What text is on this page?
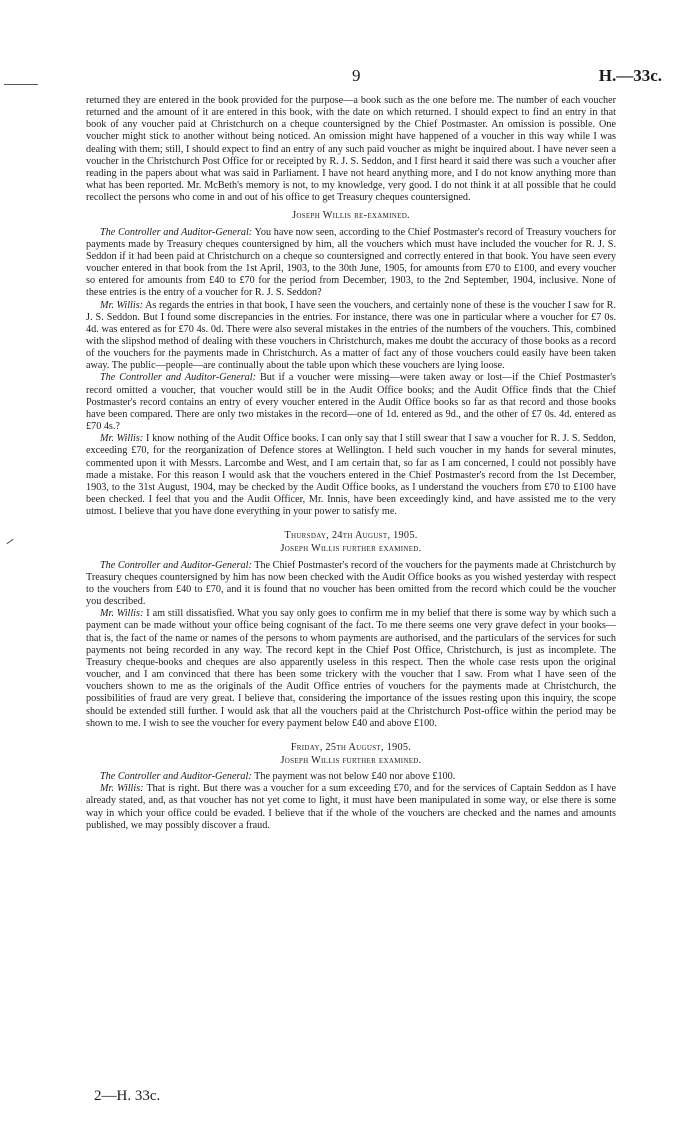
9	H.—33c.

returned they are entered in the book provided for the purpose—a book such as the one before me. The number of each voucher returned and the amount of it are entered in this book, with the date on which returned. I should expect to find an entry in that book of any voucher paid at Christchurch on a cheque countersigned by the Chief Postmaster. An omission is possible. One voucher might stick to another without being noticed. An omission might have happened of a voucher in this way while I was dealing with them; still, I should expect to find an entry of any such paid voucher as might be inquired about. I have never seen a voucher in the Christchurch Post Office for or receipted by R. J. S. Seddon, and I first heard it said there was such a voucher after reading in the papers about what was said in Parliament. I have not heard anything more, and I do not know anything more than what has been reported. Mr. McBeth's memory is not, to my knowledge, very good. I do not think it at all possible that he could recollect the persons who come in and out of his office to get Treasury cheques countersigned.

Joseph Willis re-examined.

The Controller and Auditor-General: You have now seen, according to the Chief Postmaster's record of Treasury vouchers for payments made by Treasury cheques countersigned by him, all the vouchers which must have included the voucher for R. J. S. Seddon if it had been paid at Christchurch on a cheque so countersigned and correctly entered in that book. You have seen every voucher entered in that book from the 1st April, 1903, to the 30th June, 1905, for amounts from £70 to £100, and every voucher so entered for amounts from £40 to £70 for the period from December, 1903, to the 2nd September, 1904, inclusive. None of these entries is the entry of a voucher for R. J. S. Seddon?

Mr. Willis: As regards the entries in that book, I have seen the vouchers, and certainly none of these is the voucher I saw for R. J. S. Seddon. But I found some discrepancies in the entries. For instance, there was one in particular where a voucher for £7 0s. 4d. was entered as for £70 4s. 0d. There were also several mistakes in the entries of the numbers of the vouchers. This, combined with the slipshod method of dealing with these vouchers in Christchurch, makes me doubt the accuracy of those books as a record of the vouchers for the payments made in Christchurch. As a matter of fact any of those vouchers could easily have been taken away. The public—people—are continually about the table upon which these vouchers are lying loose.

The Controller and Auditor-General: But if a voucher were missing—were taken away or lost—if the Chief Postmaster's record omitted a voucher, that voucher would still be in the Audit Office books; and the Audit Office finds that the Chief Postmaster's record contains an entry of every voucher entered in the Audit Office books so far as that record and those books have been compared. There are only two mistakes in the record—one of 1d. entered as 9d., and the other of £7 0s. 4d. entered as £70 4s.?

Mr. Willis: I know nothing of the Audit Office books. I can only say that I still swear that I saw a voucher for R. J. S. Seddon, exceeding £70, for the reorganization of Defence stores at Wellington. I held such voucher in my hands for several minutes, commented upon it with Messrs. Larcombe and West, and I am certain that, so far as I am concerned, I could not possibly have made a mistake. For this reason I would ask that the vouchers entered in the Chief Postmaster's record from the 1st December, 1903, to the 31st August, 1904, may be checked by the Audit Office books, as I understand the vouchers from £70 to £100 have been checked. I feel that you and the Audit Officer, Mr. Innis, have been exceedingly kind, and have assisted me to the very utmost. I believe that you have done everything in your power to satisfy me.

Thursday, 24th August, 1905.
Joseph Willis further examined.

The Controller and Auditor-General: The Chief Postmaster's record of the vouchers for the payments made at Christchurch by Treasury cheques countersigned by him has now been checked with the Audit Office books as you wished yesterday with respect to the vouchers from £40 to £70, and it is found that no voucher has been omitted from the record which could be the voucher you described.

Mr. Willis: I am still dissatisfied. What you say only goes to confirm me in my belief that there is some way by which such a payment can be made without your office being cognisant of the fact. To me there seems one very grave defect in your books—that is, the fact of the name or names of the persons to whom payments are authorised, and the particulars of the services for such payments not being recorded in any way. The record kept in the Chief Post Office, Christchurch, is just as incomplete. The Treasury cheque-books and cheques are also apparently useless in this respect. Then the whole case rests upon the original voucher, and I am convinced that there has been some trickery with the voucher that I saw. From what I have seen of the vouchers shown to me as the originals of the Audit Office entries of vouchers for the payments made at Christchurch, the possibilities of fraud are very great. I believe that, considering the importance of the issues resting upon this inquiry, the scope should be extended still further. I would ask that all the vouchers paid at the Christchurch Post-office within the period may be shown to me. I wish to see the voucher for every payment below £40 and above £100.

Friday, 25th August, 1905.
Joseph Willis further examined.

The Controller and Auditor-General: The payment was not below £40 nor above £100.

Mr. Willis: That is right. But there was a voucher for a sum exceeding £70, and for the services of Captain Seddon as I have already stated, and, as that voucher has not yet come to light, it must have been manipulated in some way, or else there is some way in which your office could be evaded. I believe that if the whole of the vouchers are checked and the names and amounts published, we may possibly discover a fraud.

2—H. 33c.
